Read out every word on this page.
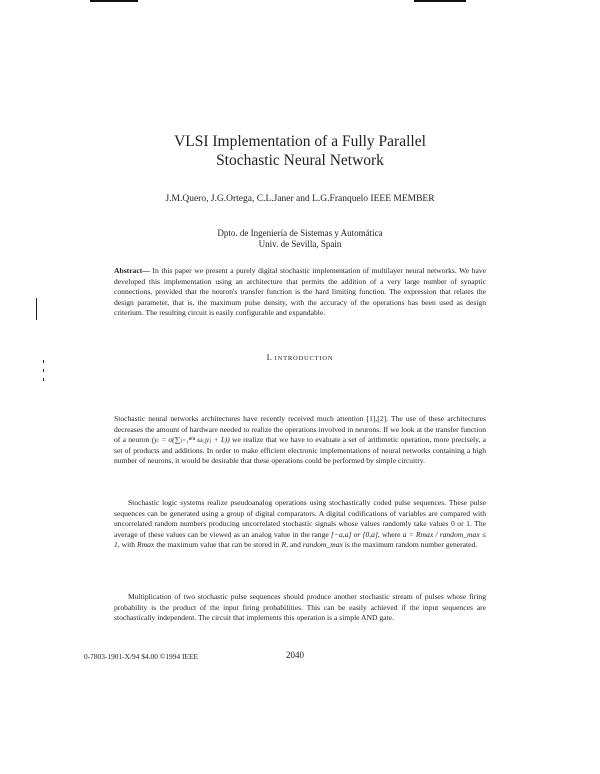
VLSI Implementation of a Fully Parallel
Stochastic Neural Network
J.M.Quero, J.G.Ortega, C.L.Janer and L.G.Franquelo IEEE MEMBER
Dpto. de Ingeniería de Sistemas y Automática
Univ. de Sevilla, Spain
Abstract— In this paper we present a purely digital stochastic implementation of multilayer neural networks. We have developed this implementation using an architecture that permits the addition of a very large number of synaptic connections, provided that the neuron's transfer function is the hard limiting function. The expression that relates the design parameter, that is, the maximum pulse density, with the accuracy of the operations has been used as design criterium. The resulting circuit is easily configurable and expandable.
I. INTRODUCTION
Stochastic neural networks architectures have recently received much attention [1],[2]. The use of these architectures decreases the amount of hardware needed to realize the operations involved in neurons. If we look at the transfer function of a neuron (yᵢ = σ(∑ⱼ₌₁ⁿⁱⁿ ωᵢⱼyⱼ + Iᵢ)) we realize that we have to evaluate a set of arithmetic operation, more precisely, a set of products and additions. In order to make efficient electronic implementations of neural networks containing a high number of neurons, it would be desirable that these operations could be performed by simple circuitry.
Stochastic logic systems realize pseudoanalog operations using stochastically coded pulse sequences. These pulse sequences can be generated using a group of digital comparators. A digital codifications of variables are compared with uncorrelated random numbers producing uncorrelated stochastic signals whose values randomly take values 0 or 1. The average of these values can be viewed as an analog value in the range [−a,a] or [0,a], where a = Rmax / random_max ≤ 1, with Rmax the maximum value that can be stored in R, and random_max is the maximum random number generated.
Multiplication of two stochastic pulse sequences should produce another stochastic stream of pulses whose firing probability is the product of the input firing probabilities. This can be easily achieved if the input sequences are stochastically independent. The circuit that implements this operation is a simple AND gate.
0-7803-1901-X/94 $4.00 ©1994 IEEE	2040
